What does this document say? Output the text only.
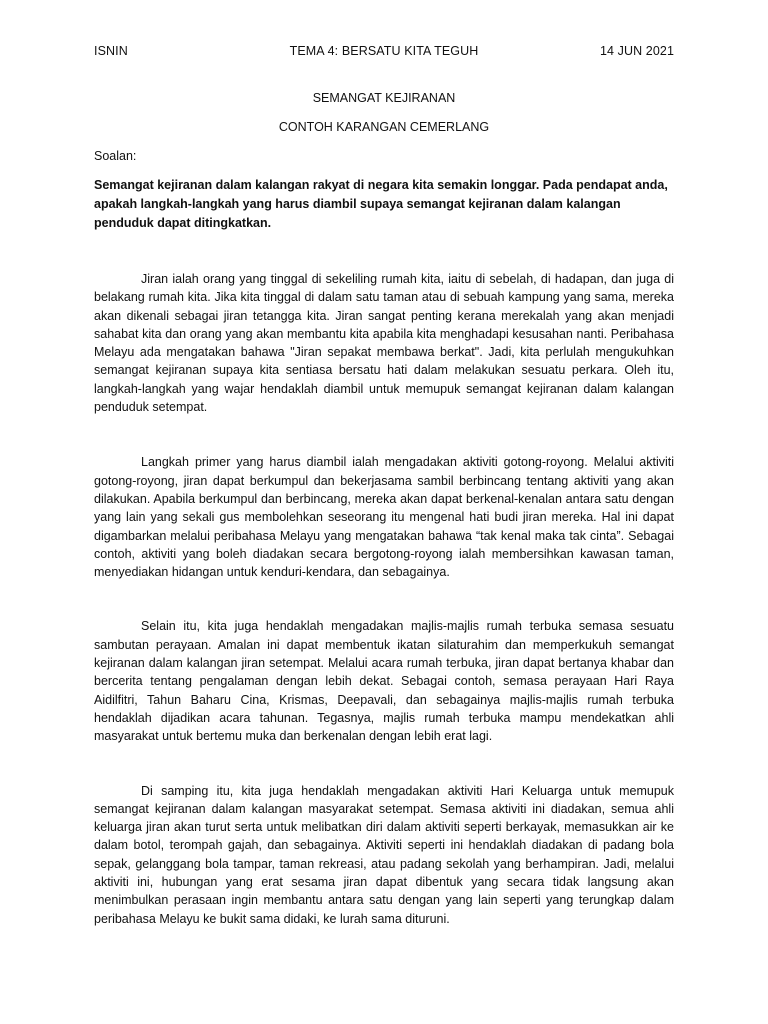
ISNIN	TEMA 4: BERSATU KITA TEGUH	14 JUN 2021
SEMANGAT KEJIRANAN
CONTOH KARANGAN CEMERLANG
Soalan:
Semangat kejiranan dalam kalangan rakyat di negara kita semakin longgar. Pada pendapat anda, apakah langkah-langkah yang harus diambil supaya semangat kejiranan dalam kalangan penduduk dapat ditingkatkan.

Jiran ialah orang yang tinggal di sekeliling rumah kita, iaitu di sebelah, di hadapan, dan juga di belakang rumah kita. Jika kita tinggal di dalam satu taman atau di sebuah kampung yang sama, mereka akan dikenali sebagai jiran tetangga kita. Jiran sangat penting kerana merekalah yang akan menjadi sahabat kita dan orang yang akan membantu kita apabila kita menghadapi kesusahan nanti. Peribahasa Melayu ada mengatakan bahawa "Jiran sepakat membawa berkat". Jadi, kita perlulah mengukuhkan semangat kejiranan supaya kita sentiasa bersatu hati dalam melakukan sesuatu perkara. Oleh itu, langkah-langkah yang wajar hendaklah diambil untuk memupuk semangat kejiranan dalam kalangan penduduk setempat.

Langkah primer yang harus diambil ialah mengadakan aktiviti gotong-royong. Melalui aktiviti gotong-royong, jiran dapat berkumpul dan bekerjasama sambil berbincang tentang aktiviti yang akan dilakukan. Apabila berkumpul dan berbincang, mereka akan dapat berkenal-kenalan antara satu dengan yang lain yang sekali gus membolehkan seseorang itu mengenal hati budi jiran mereka. Hal ini dapat digambarkan melalui peribahasa Melayu yang mengatakan bahawa “tak kenal maka tak cinta”. Sebagai contoh, aktiviti yang boleh diadakan secara bergotong-royong ialah membersihkan kawasan taman, menyediakan hidangan untuk kenduri-kendara, dan sebagainya.

Selain itu, kita juga hendaklah mengadakan majlis-majlis rumah terbuka semasa sesuatu sambutan perayaan. Amalan ini dapat membentuk ikatan silaturahim dan memperkukuh semangat kejiranan dalam kalangan jiran setempat. Melalui acara rumah terbuka, jiran dapat bertanya khabar dan bercerita tentang pengalaman dengan lebih dekat. Sebagai contoh, semasa perayaan Hari Raya Aidilfitri, Tahun Baharu Cina, Krismas, Deepavali, dan sebagainya majlis-majlis rumah terbuka hendaklah dijadikan acara tahunan. Tegasnya, majlis rumah terbuka mampu mendekatkan ahli masyarakat untuk bertemu muka dan berkenalan dengan lebih erat lagi.

Di samping itu, kita juga hendaklah mengadakan aktiviti Hari Keluarga untuk memupuk semangat kejiranan dalam kalangan masyarakat setempat. Semasa aktiviti ini diadakan, semua ahli keluarga jiran akan turut serta untuk melibatkan diri dalam aktiviti seperti berkayak, memasukkan air ke dalam botol, terompah gajah, dan sebagainya. Aktiviti seperti ini hendaklah diadakan di padang bola sepak, gelanggang bola tampar, taman rekreasi, atau padang sekolah yang berhampiran. Jadi, melalui aktiviti ini, hubungan yang erat sesama jiran dapat dibentuk yang secara tidak langsung akan menimbulkan perasaan ingin membantu antara satu dengan yang lain seperti yang terungkap dalam peribahasa Melayu ke bukit sama didaki, ke lurah sama dituruni.
